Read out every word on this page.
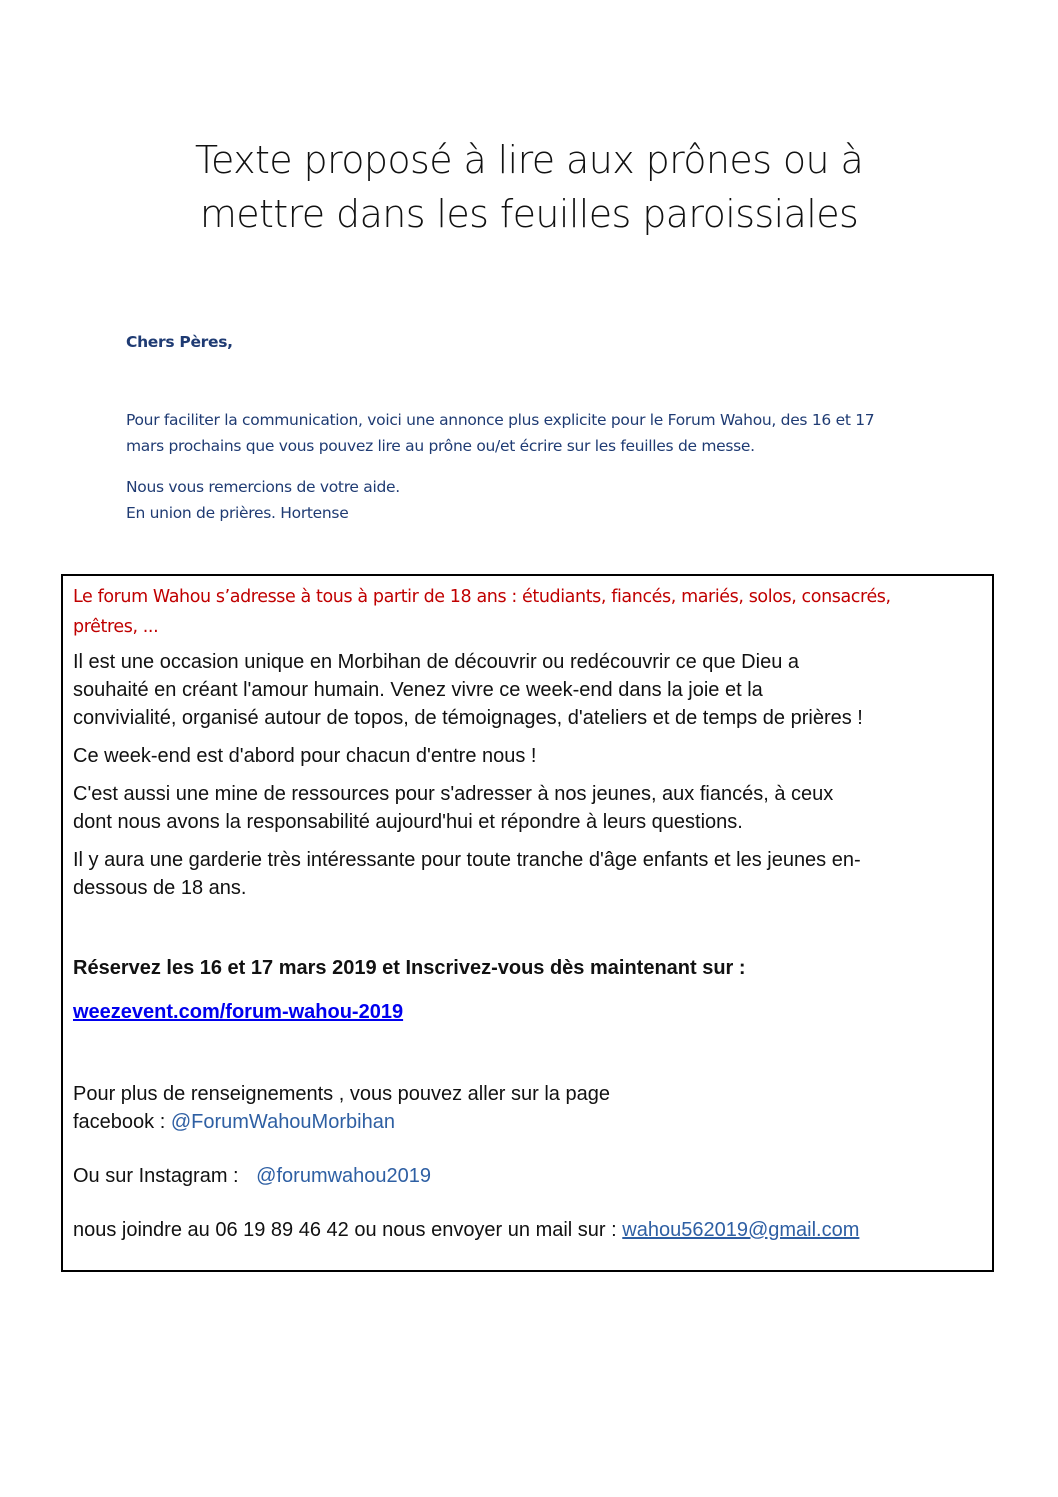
Texte proposé à lire aux prônes ou à
mettre dans les feuilles paroissiales
Chers Pères,
Pour faciliter la communication, voici une annonce plus explicite pour le Forum Wahou, des 16 et 17
mars prochains que vous pouvez lire au prône ou/et écrire sur les feuilles de messe.
Nous vous remercions de votre aide.
En union de prières. Hortense

Le forum Wahou s’adresse à tous à partir de 18 ans : étudiants, fiancés, mariés, solos, consacrés,
prêtres, ...

Il est une occasion unique en Morbihan de découvrir ou redécouvrir ce que Dieu a
souhaité en créant l'amour humain. Venez vivre ce week-end dans la joie et la
convivialité, organisé autour de topos, de témoignages, d'ateliers et de temps de prières !

Ce week-end est d'abord pour chacun d'entre nous !

C'est aussi une mine de ressources pour s'adresser à nos jeunes, aux fiancés, à ceux
dont nous avons la responsabilité aujourd'hui et répondre à leurs questions.

Il y aura une garderie très intéressante pour toute tranche d'âge enfants et les jeunes en-
dessous de 18 ans.

Réservez les 16 et 17 mars 2019 et Inscrivez-vous dès maintenant sur :

weezevent.com/forum-wahou-2019

Pour plus de renseignements , vous pouvez aller sur la page
facebook : @ForumWahouMorbihan

Ou sur Instagram : @forumwahou2019

nous joindre au 06 19 89 46 42 ou nous envoyer un mail sur : wahou562019@gmail.com
